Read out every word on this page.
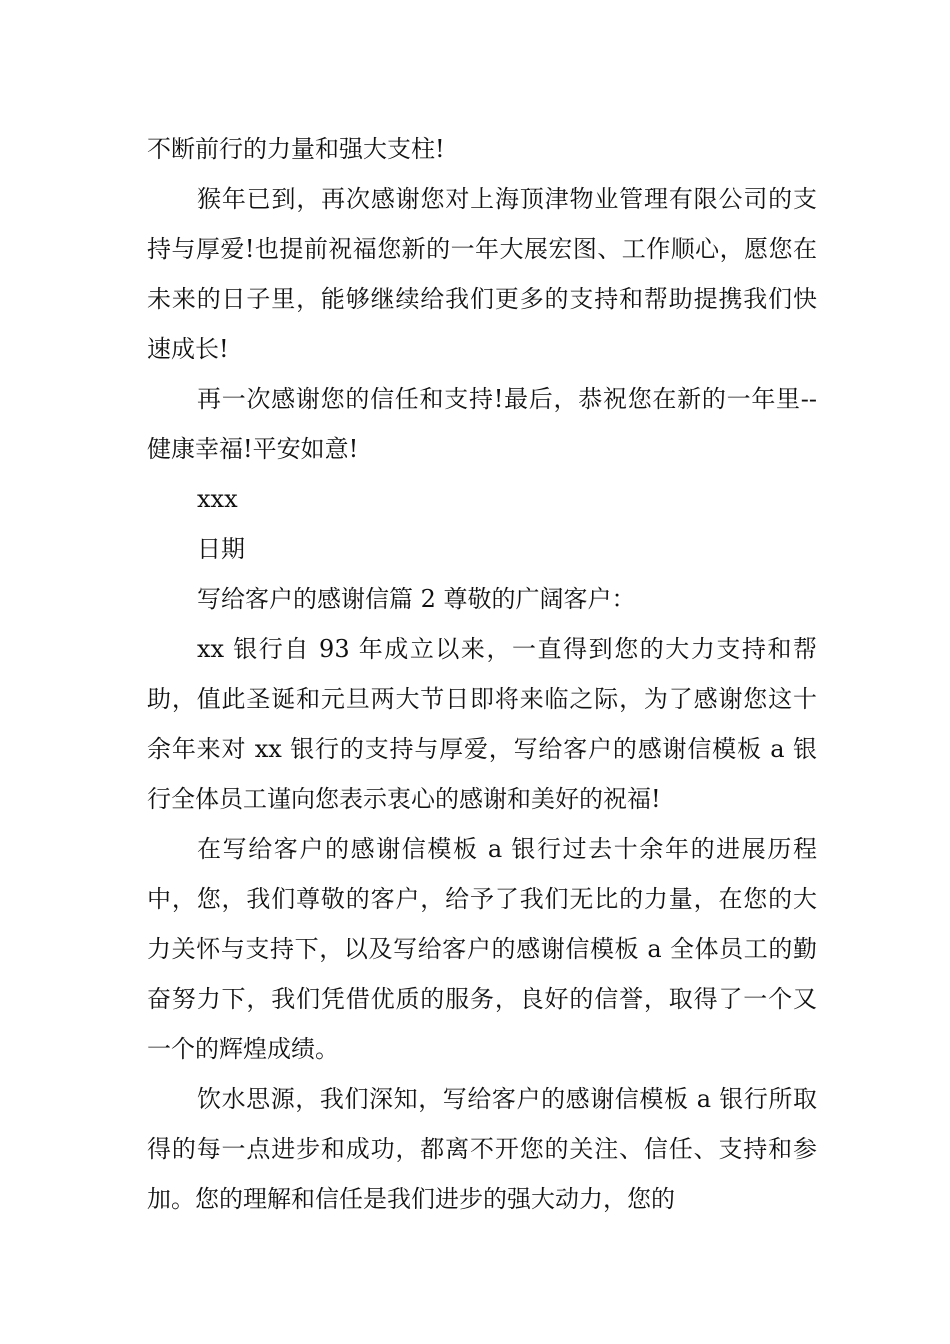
不断前行的力量和强大支柱!

猴年已到，再次感谢您对上海顶津物业管理有限公司的支持与厚爱!也提前祝福您新的一年大展宏图、工作顺心，愿您在未来的日子里，能够继续给我们更多的支持和帮助提携我们快速成长!

再一次感谢您的信任和支持!最后，恭祝您在新的一年里--健康幸福!平安如意!

xxx

日期

写给客户的感谢信篇 2 尊敬的广阔客户：

xx 银行自 93 年成立以来，一直得到您的大力支持和帮助，值此圣诞和元旦两大节日即将来临之际，为了感谢您这十余年来对 xx 银行的支持与厚爱，写给客户的感谢信模板 a 银行全体员工谨向您表示衷心的感谢和美好的祝福!

在写给客户的感谢信模板 a 银行过去十余年的进展历程中，您，我们尊敬的客户，给予了我们无比的力量，在您的大力关怀与支持下，以及写给客户的感谢信模板 a 全体员工的勤奋努力下，我们凭借优质的服务，良好的信誉，取得了一个又一个的辉煌成绩。

饮水思源，我们深知，写给客户的感谢信模板 a 银行所取得的每一点进步和成功，都离不开您的关注、信任、支持和参加。您的理解和信任是我们进步的强大动力，您的
